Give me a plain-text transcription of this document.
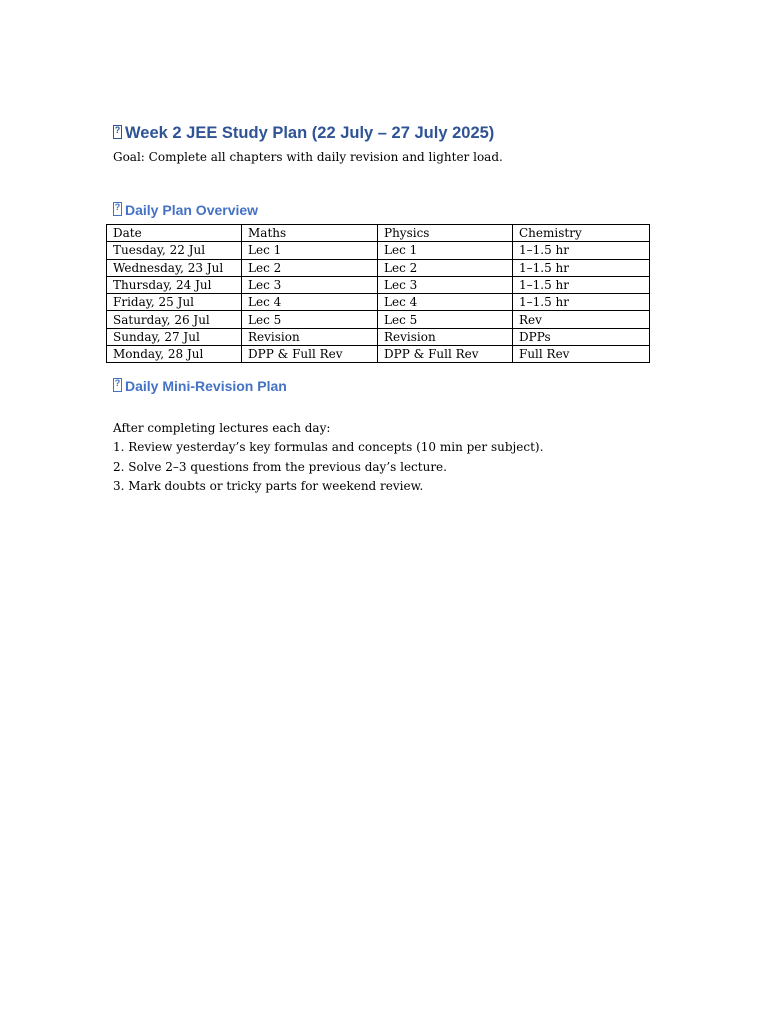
?Week 2 JEE Study Plan (22 July – 27 July 2025)
Goal: Complete all chapters with daily revision and lighter load.
?Daily Plan Overview
Date	Maths	Physics	Chemistry
Tuesday, 22 Jul	Lec 1	Lec 1	1–1.5 hr
Wednesday, 23 Jul	Lec 2	Lec 2	1–1.5 hr
Thursday, 24 Jul	Lec 3	Lec 3	1–1.5 hr
Friday, 25 Jul	Lec 4	Lec 4	1–1.5 hr
Saturday, 26 Jul	Lec 5	Lec 5	Rev
Sunday, 27 Jul	Revision	Revision	DPPs
Monday, 28 Jul	DPP & Full Rev	DPP & Full Rev	Full Rev
?Daily Mini-Revision Plan

After completing lectures each day:

1. Review yesterday’s key formulas and concepts (10 min per subject).

2. Solve 2–3 questions from the previous day’s lecture.

3. Mark doubts or tricky parts for weekend review.
